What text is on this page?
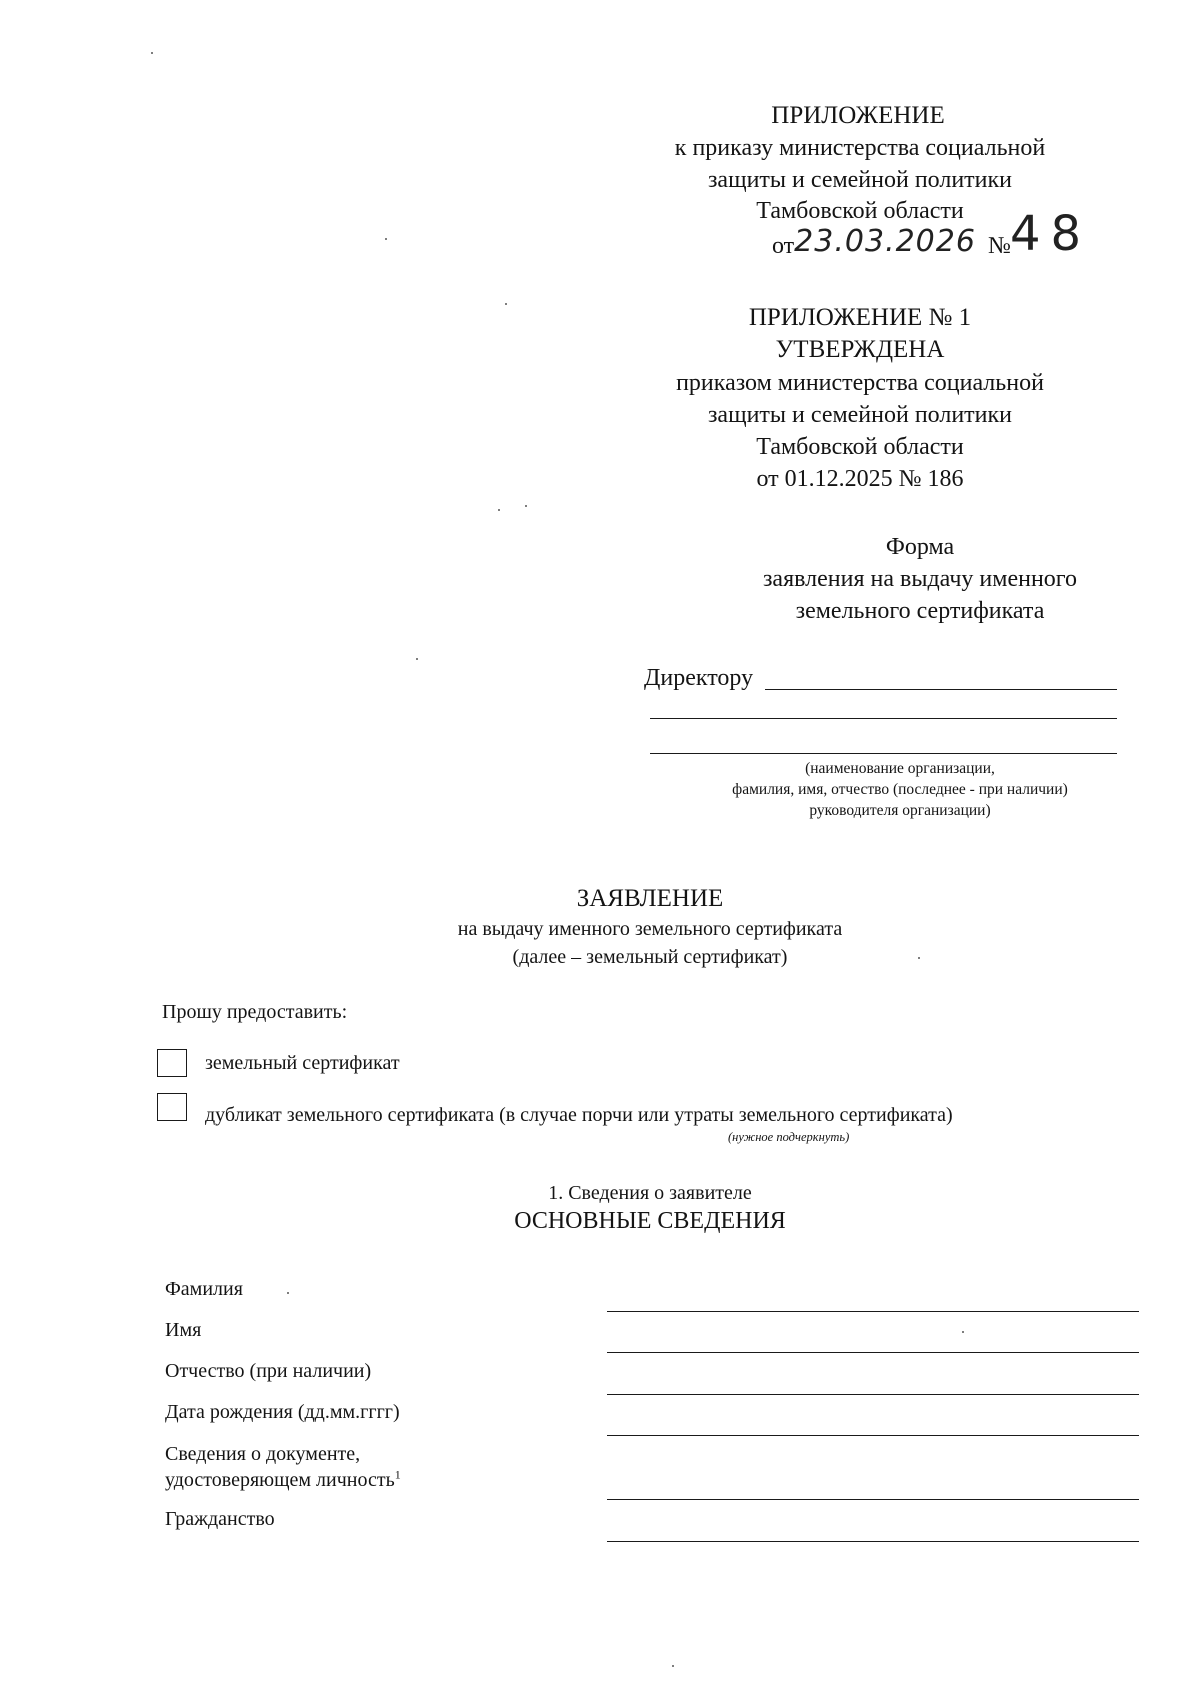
ПРИЛОЖЕНИЕ
к приказу министерства социальной
защиты и семейной политики
Тамбовской области
от23.03.2026 № 48
ПРИЛОЖЕНИЕ № 1
УТВЕРЖДЕНА
приказом министерства социальной
защиты и семейной политики
Тамбовской области
от 01.12.2025 № 186
Форма
заявления на выдачу именного
земельного сертификата
Директору
(наименование организации,
фамилия, имя, отчество (последнее - при наличии)
руководителя организации)
ЗАЯВЛЕНИЕ
на выдачу именного земельного сертификата
(далее – земельный сертификат)
Прошу предоставить:
земельный сертификат
дубликат земельного сертификата (в случае порчи или утраты земельного сертификата)
(нужное подчеркнуть)
1. Сведения о заявителе
ОСНОВНЫЕ СВЕДЕНИЯ
Фамилия
Имя
Отчество (при наличии)
Дата рождения (дд.мм.гггг)
Сведения о документе,
удостоверяющем личность$^1$
Гражданство
